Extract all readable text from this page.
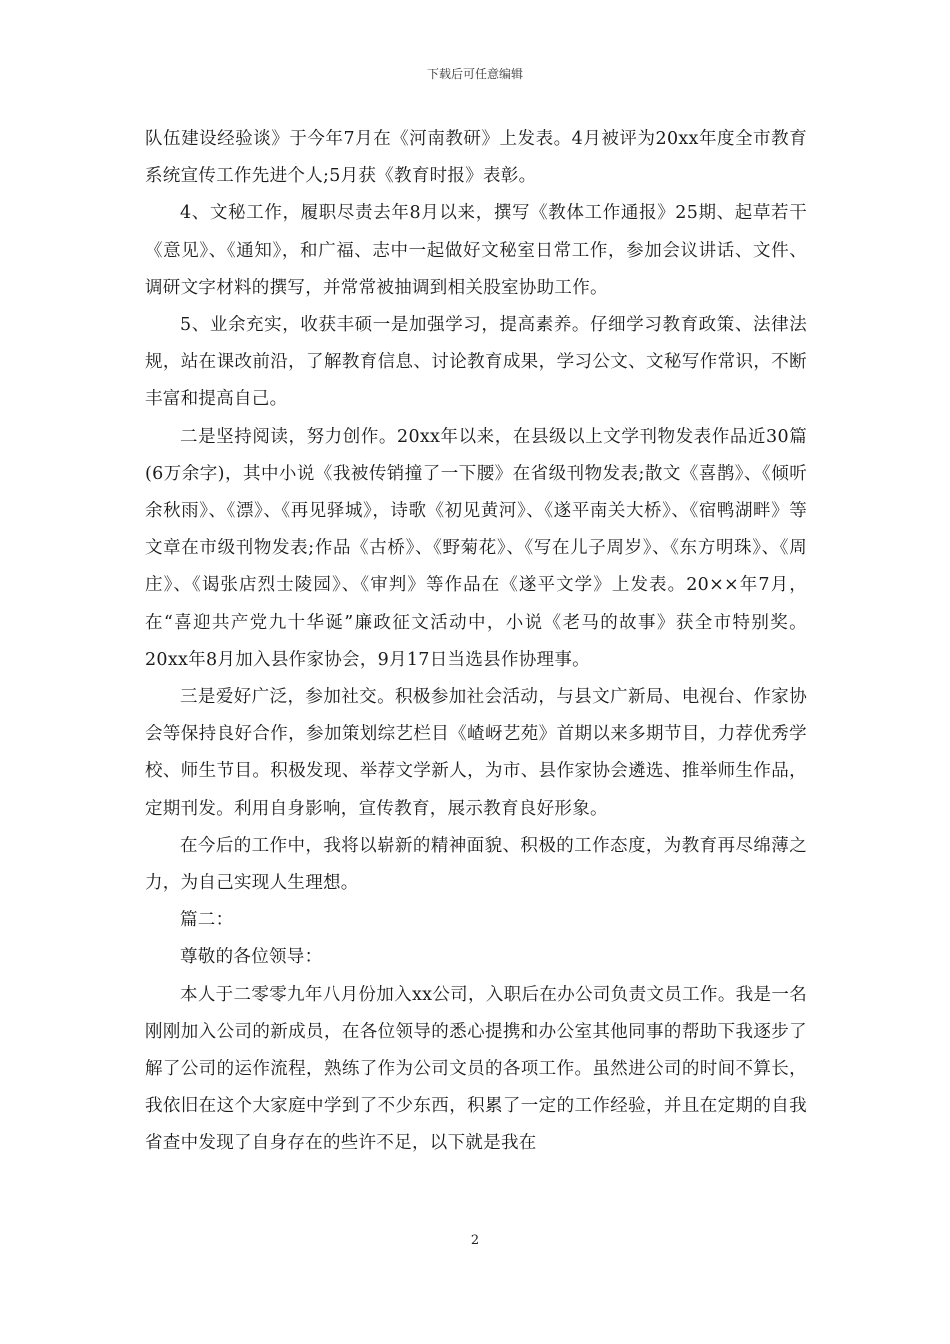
下载后可任意编辑

队伍建设经验谈》于今年7月在《河南教研》上发表。4月被评为20xx年度全市教育系统宣传工作先进个人;5月获《教育时报》表彰。

4、文秘工作，履职尽责去年8月以来，撰写《教体工作通报》25期、起草若干《意见》、《通知》，和广福、志中一起做好文秘室日常工作，参加会议讲话、文件、调研文字材料的撰写，并常常被抽调到相关股室协助工作。

5、业余充实，收获丰硕一是加强学习，提高素养。仔细学习教育政策、法律法规，站在课改前沿，了解教育信息、讨论教育成果，学习公文、文秘写作常识，不断丰富和提高自己。

二是坚持阅读，努力创作。20xx年以来，在县级以上文学刊物发表作品近30篇(6万余字)，其中小说《我被传销撞了一下腰》在省级刊物发表;散文《喜鹊》、《倾听余秋雨》、《漂》、《再见驿城》，诗歌《初见黄河》、《遂平南关大桥》、《宿鸭湖畔》等文章在市级刊物发表;作品《古桥》、《野菊花》、《写在儿子周岁》、《东方明珠》、《周庄》、《谒张店烈士陵园》、《审判》等作品在《遂平文学》上发表。20××年7月，在“喜迎共产党九十华诞”廉政征文活动中，小说《老马的故事》获全市特别奖。20xx年8月加入县作家协会，9月17日当选县作协理事。

三是爱好广泛，参加社交。积极参加社会活动，与县文广新局、电视台、作家协会等保持良好合作，参加策划综艺栏目《嵖岈艺苑》首期以来多期节目，力荐优秀学校、师生节目。积极发现、举荐文学新人，为市、县作家协会遴选、推举师生作品，定期刊发。利用自身影响，宣传教育，展示教育良好形象。

在今后的工作中，我将以崭新的精神面貌、积极的工作态度，为教育再尽绵薄之力，为自己实现人生理想。

篇二：

尊敬的各位领导：

本人于二零零九年八月份加入xx公司，入职后在办公司负责文员工作。我是一名刚刚加入公司的新成员，在各位领导的悉心提携和办公室其他同事的帮助下我逐步了解了公司的运作流程，熟练了作为公司文员的各项工作。虽然进公司的时间不算长，我依旧在这个大家庭中学到了不少东西，积累了一定的工作经验，并且在定期的自我省查中发现了自身存在的些许不足，以下就是我在

2
